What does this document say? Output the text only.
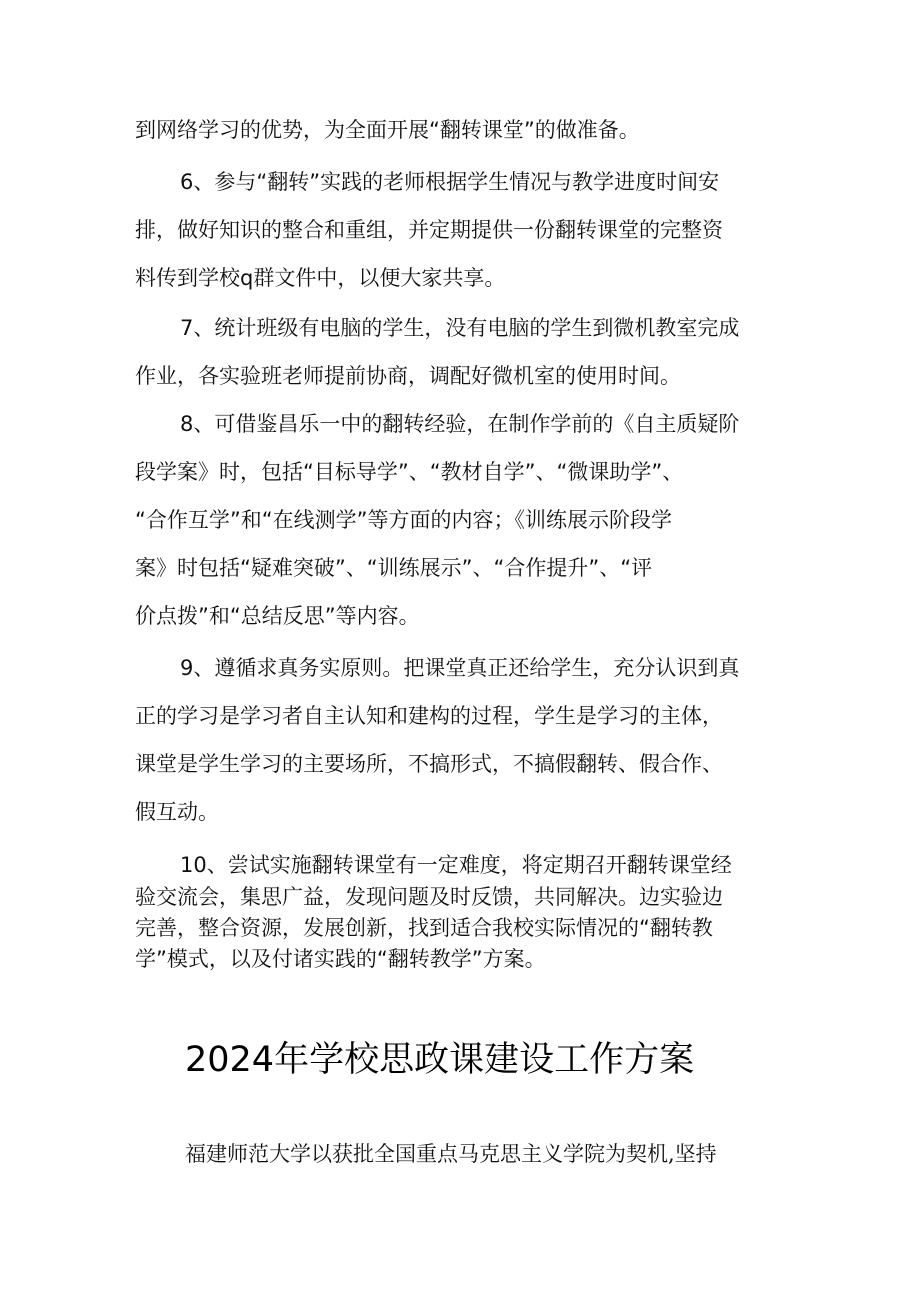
到网络学习的优势，为全面开展“翻转课堂”的做准备。
6、参与“翻转”实践的老师根据学生情况与教学进度时间安
排，做好知识的整合和重组，并定期提供一份翻转课堂的完整资
料传到学校q群文件中，以便大家共享。
7、统计班级有电脑的学生，没有电脑的学生到微机教室完成
作业，各实验班老师提前协商，调配好微机室的使用时间。
8、可借鉴昌乐一中的翻转经验，在制作学前的《自主质疑阶
段学案》时，包括“目标导学”、“教材自学”、“微课助学”、
“合作互学”和“在线测学”等方面的内容；《训练展示阶段学
案》时包括“疑难突破”、“训练展示”、“合作提升”、“评
价点拨”和“总结反思”等内容。
9、遵循求真务实原则。把课堂真正还给学生，充分认识到真
正的学习是学习者自主认知和建构的过程，学生是学习的主体，
课堂是学生学习的主要场所，不搞形式，不搞假翻转、假合作、
假互动。
10、尝试实施翻转课堂有一定难度，将定期召开翻转课堂经
验交流会，集思广益，发现问题及时反馈，共同解决。边实验边
完善，整合资源，发展创新，找到适合我校实际情况的“翻转教
学”模式，以及付诸实践的“翻转教学”方案。
2024年学校思政课建设工作方案
福建师范大学以获批全国重点马克思主义学院为契机,坚持
